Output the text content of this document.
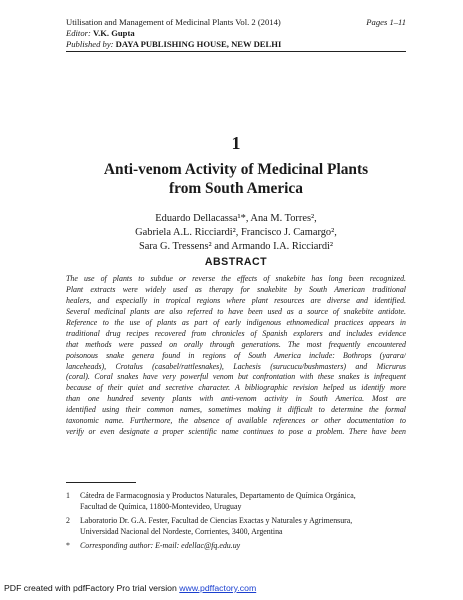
Utilisation and Management of Medicinal Plants Vol. 2 (2014)	Pages 1–11
Editor: V.K. Gupta
Published by: DAYA PUBLISHING HOUSE, NEW DELHI
1
Anti-venom Activity of Medicinal Plants
from South America
Eduardo Dellacassa¹*, Ana M. Torres²,
Gabriela A.L. Ricciardi², Francisco J. Camargo²,
Sara G. Tressens² and Armando I.A. Ricciardi²
ABSTRACT
The use of plants to subdue or reverse the effects of snakebite has long been recognized.
Plant extracts were widely used as therapy for snakebite by South American traditional
healers, and especially in tropical regions where plant resources are diverse and identified.
Several medicinal plants are also referred to have been used as a source of snakebite antidote.
Reference to the use of plants as part of early indigenous ethnomedical practices appears in
traditional drug recipes recovered from chronicles of Spanish explorers and includes evidence
that methods were passed on orally through generations. The most frequently encountered
poisonous snake genera found in regions of South America include: Bothrops (yarara/
lanceheads), Crotalus (casabel/rattlesnakes), Lachesis (surucucu/bushmasters) and Micrurus
(coral). Coral snakes have very powerful venom but confrontation with these snakes is infrequent
because of their quiet and secretive character. A bibliographic revision helped us identify more
than one hundred seventy plants with anti-venom activity in South America. Most are
identified using their common names, sometimes making it difficult to determine the formal
taxonomic name. Furthermore, the absence of available references or other documentation to
verify or even designate a proper scientific name continues to pose a problem. There have been
1 Cátedra de Farmacognosia y Productos Naturales, Departamento de Química Orgánica,
Facultad de Química, 11800-Montevideo, Uruguay
2 Laboratorio Dr. G.A. Fester, Facultad de Ciencias Exactas y Naturales y Agrimensura,
Universidad Nacional del Nordeste, Corrientes, 3400, Argentina
* Corresponding author: E-mail: edellac@fq.edu.uy
PDF created with pdfFactory Pro trial version www.pdffactory.com
